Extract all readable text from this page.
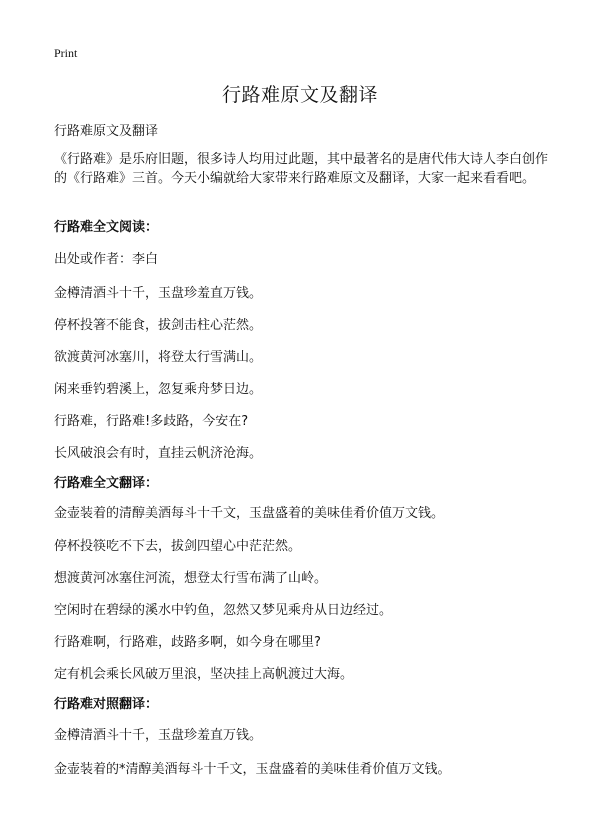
Print
行路难原文及翻译

行路难原文及翻译

《行路难》是乐府旧题，很多诗人均用过此题，其中最著名的是唐代伟大诗人李白创作的《行路难》三首。今天小编就给大家带来行路难原文及翻译，大家一起来看看吧。

行路难全文阅读：

出处或作者：李白

金樽清酒斗十千，玉盘珍羞直万钱。

停杯投箸不能食，拔剑击柱心茫然。

欲渡黄河冰塞川，将登太行雪满山。

闲来垂钓碧溪上，忽复乘舟梦日边。

行路难，行路难!多歧路，今安在?

长风破浪会有时，直挂云帆济沧海。

行路难全文翻译：

金壶装着的清醇美酒每斗十千文，玉盘盛着的美味佳肴价值万文钱。

停杯投筷吃不下去，拔剑四望心中茫茫然。

想渡黄河冰塞住河流，想登太行雪布满了山岭。

空闲时在碧绿的溪水中钓鱼，忽然又梦见乘舟从日边经过。

行路难啊，行路难，歧路多啊，如今身在哪里?

定有机会乘长风破万里浪，坚决挂上高帆渡过大海。

行路难对照翻译：

金樽清酒斗十千，玉盘珍羞直万钱。

金壶装着的*清醇美酒每斗十千文，玉盘盛着的美味佳肴价值万文钱。
